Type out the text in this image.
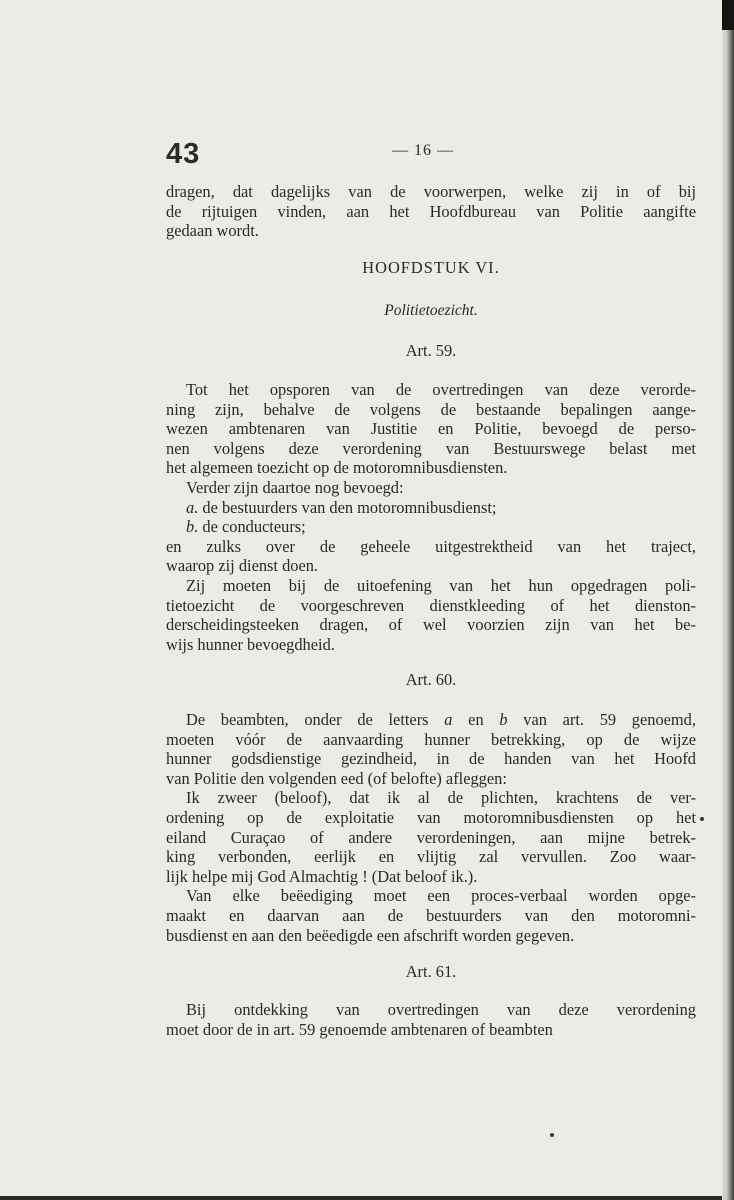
43	— 16 —
dragen, dat dagelijks van de voorwerpen, welke zij in of bij
de rijtuigen vinden, aan het Hoofdbureau van Politie aangifte
gedaan wordt.
HOOFDSTUK VI.
Politietoezicht.
Art. 59.
Tot het opsporen van de overtredingen van deze verorde-
ning zijn, behalve de volgens de bestaande bepalingen aange-
wezen ambtenaren van Justitie en Politie, bevoegd de perso-
nen volgens deze verordening van Bestuurswege belast met
het algemeen toezicht op de motoromnibusdiensten.
Verder zijn daartoe nog bevoegd:
a. de bestuurders van den motoromnibusdienst;
b. de conducteurs;
en zulks over de geheele uitgestrektheid van het traject,
waarop zij dienst doen.
Zij moeten bij de uitoefening van het hun opgedragen poli-
tietoezicht de voorgeschreven dienstkleeding of het dienston-
derscheidingsteeken dragen, of wel voorzien zijn van het be-
wijs hunner bevoegdheid.
Art. 60.
De beambten, onder de letters a en b van art. 59 genoemd,
moeten vóór de aanvaarding hunner betrekking, op de wijze
hunner godsdienstige gezindheid, in de handen van het Hoofd
van Politie den volgenden eed (of belofte) afleggen:
Ik zweer (beloof), dat ik al de plichten, krachtens de ver-
ordening op de exploitatie van motoromnibusdiensten op het
eiland Curaçao of andere verordeningen, aan mijne betrek-
king verbonden, eerlijk en vlijtig zal vervullen. Zoo waar-
lijk helpe mij God Almachtig ! (Dat beloof ik.).
Van elke beëediging moet een proces-verbaal worden opge-
maakt en daarvan aan de bestuurders van den motoromni-
busdienst en aan den beëedigde een afschrift worden gegeven.
Art. 61.
Bij ontdekking van overtredingen van deze verordening
moet door de in art. 59 genoemde ambtenaren of beambten
